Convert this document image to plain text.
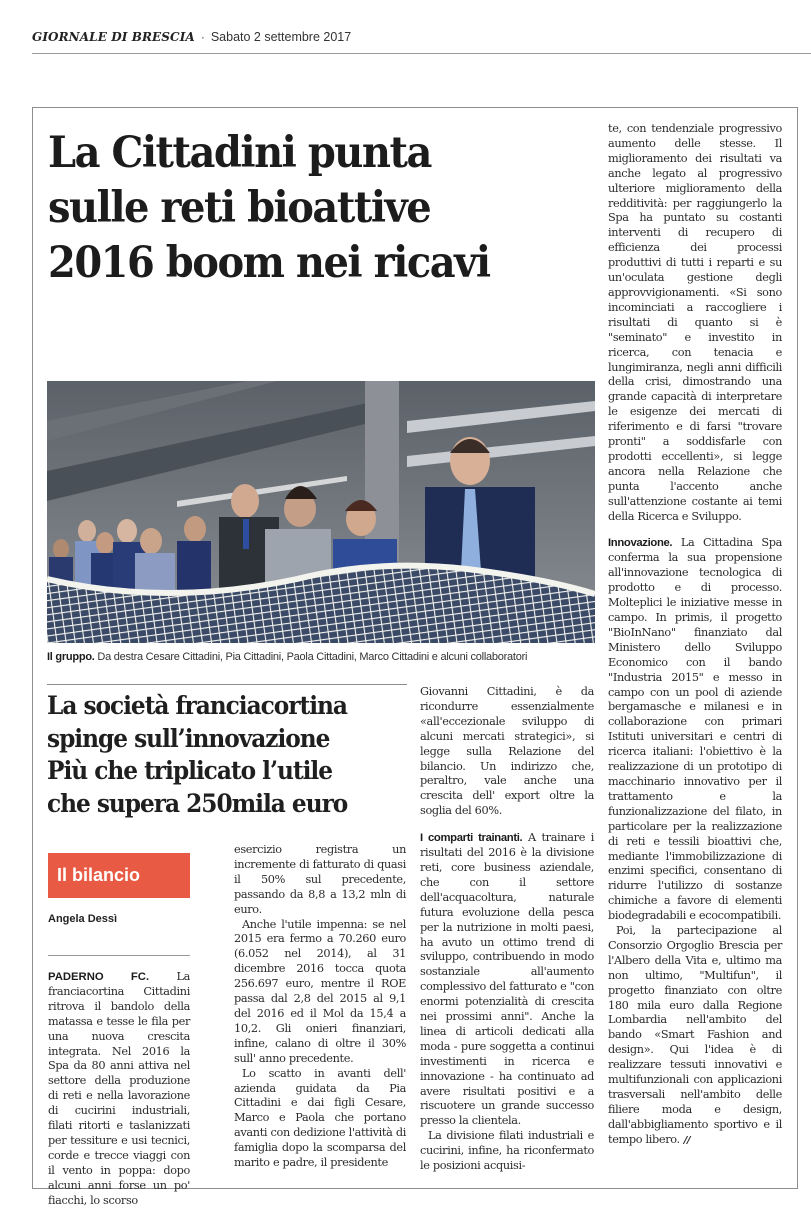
GIORNALE DI BRESCIA · Sabato 2 settembre 2017
La Cittadini punta
sulle reti bioattive
2016 boom nei ricavi
Il gruppo. Da destra Cesare Cittadini, Pia Cittadini, Paola Cittadini, Marco Cittadini e alcuni collaboratori
La società franciacortina
spinge sull’innovazione
Più che triplicato l’utile
che supera 250mila euro
Il bilancio
Angela Dessì

PADERNO FC. La franciacortina Cittadini ritrova il bandolo della matassa e tesse le fila per una nuova crescita integrata. Nel 2016 la Spa da 80 anni attiva nel settore della produzione di reti e nella lavorazione di cucirini industriali, filati ritorti e taslanizzati per tessiture e usi tecnici, corde e trecce viaggi con il vento in poppa: dopo alcuni anni forse un po' fiacchi, lo scorso

esercizio registra un incremente di fatturato di quasi il 50% sul precedente, passando da 8,8 a 13,2 mln di euro.

Anche l'utile impenna: se nel 2015 era fermo a 70.260 euro (6.052 nel 2014), al 31 dicembre 2016 tocca quota 256.697 euro, mentre il ROE passa dal 2,8 del 2015 al 9,1 del 2016 ed il Mol da 15,4 a 10,2. Gli onieri finanziari, infine, calano di oltre il 30% sull' anno precedente.

Lo scatto in avanti dell' azienda guidata da Pia Cittadini e dai figli Cesare, Marco e Paola che portano avanti con dedizione l'attività di famiglia dopo la scomparsa del marito e padre, il presidente

Giovanni Cittadini, è da ricondurre essenzialmente «all'eccezionale sviluppo di alcuni mercati strategici», si legge sulla Relazione del bilancio. Un indirizzo che, peraltro, vale anche una crescita dell' export oltre la soglia del 60%.

I comparti trainanti. A trainare i risultati del 2016 è la divisione reti, core business aziendale, che con il settore dell'acquacoltura, naturale futura evoluzione della pesca per la nutrizione in molti paesi, ha avuto un ottimo trend di sviluppo, contribuendo in modo sostanziale all'aumento complessivo del fatturato e "con enormi potenzialità di crescita nei prossimi anni". Anche la linea di articoli dedicati alla moda - pure soggetta a continui investimenti in ricerca e innovazione - ha continuato ad avere risultati positivi e a riscuotere un grande successo presso la clientela.

La divisione filati industriali e cucirini, infine, ha riconfermato le posizioni acquisi-

te, con tendenziale progressivo aumento delle stesse. Il miglioramento dei risultati va anche legato al progressivo ulteriore miglioramento della redditività: per raggiungerlo la Spa ha puntato su costanti interventi di recupero di efficienza dei processi produttivi di tutti i reparti e su un'oculata gestione degli approvvigionamenti. «Si sono incominciati a raccogliere i risultati di quanto si è "seminato" e investito in ricerca, con tenacia e lungimiranza, negli anni difficili della crisi, dimostrando una grande capacità di interpretare le esigenze dei mercati di riferimento e di farsi "trovare pronti" a soddisfarle con prodotti eccellenti», si legge ancora nella Relazione che punta l'accento anche sull'attenzione costante ai temi della Ricerca e Sviluppo.

Innovazione. La Cittadina Spa conferma la sua propensione all'innovazione tecnologica di prodotto e di processo. Molteplici le iniziative messe in campo. In primis, il progetto "BioInNano" finanziato dal Ministero dello Sviluppo Economico con il bando "Industria 2015" e messo in campo con un pool di aziende bergamasche e milanesi e in collaborazione con primari Istituti universitari e centri di ricerca italiani: l'obiettivo è la realizzazione di un prototipo di macchinario innovativo per il trattamento e la funzionalizzazione del filato, in particolare per la realizzazione di reti e tessili bioattivi che, mediante l'immobilizzazione di enzimi specifici, consentano di ridurre l'utilizzo di sostanze chimiche a favore di elementi biodegradabili e ecocompatibili.

Poi, la partecipazione al Consorzio Orgoglio Brescia per l'Albero della Vita e, ultimo ma non ultimo, "Multifun", il progetto finanziato con oltre 180 mila euro dalla Regione Lombardia nell'ambito del bando «Smart Fashion and design». Qui l'idea è di realizzare tessuti innovativi e multifunzionali con applicazioni trasversali nell'ambito delle filiere moda e design, dall'abbigliamento sportivo e il tempo libero. //
